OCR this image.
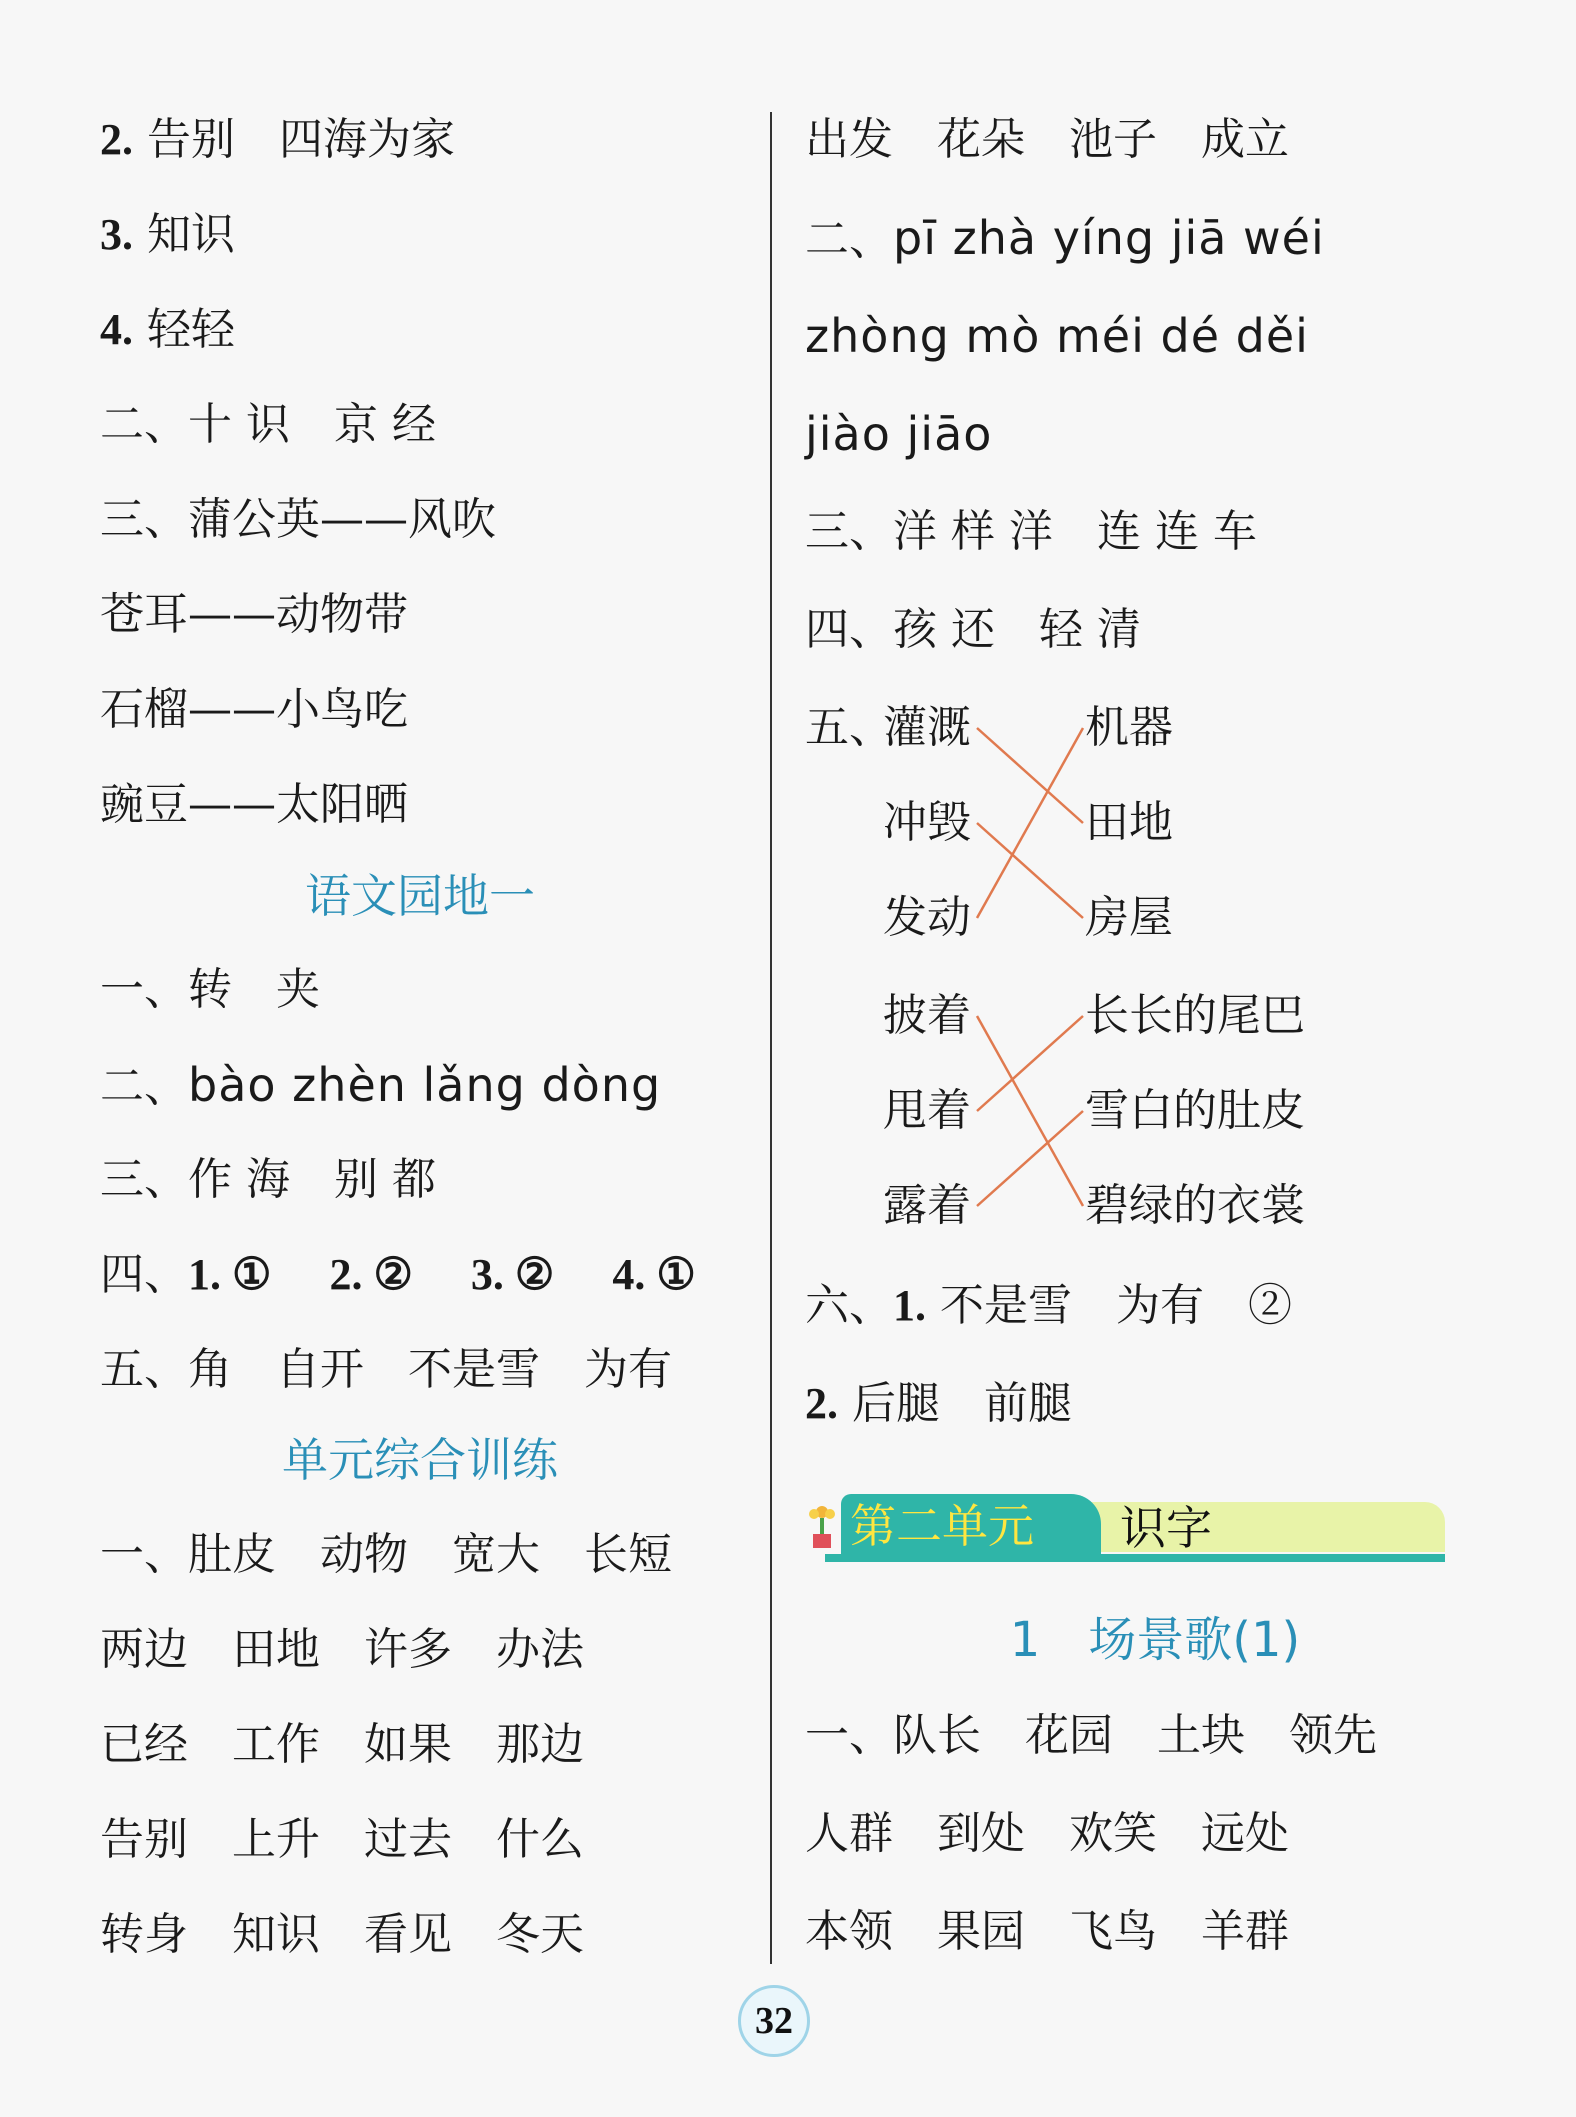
2. 告别　四海为家
3. 知识
4. 轻轻
二、十 识　京 经
三、蒲公英——风吹
苍耳——动物带
石榴——小鸟吃
豌豆——太阳晒
语文园地一
一、转　夹
二、bào zhèn lǎng dòng
三、作 海　别 都
四、1. ① 2. ② 3. ② 4. ①
五、角　自开　不是雪　为有
单元综合训练
一、肚皮　动物　宽大　长短
两边　田地　许多　办法
已经　工作　如果　那边
告别　上升　过去　什么
转身　知识　看见　冬天
出发　花朵　池子　成立
二、pī zhà yíng jiā wéi
zhòng mò méi dé děi
jiào jiāo
三、洋 样 洋　连 连 车
四、孩 还　轻 清
五、
灌溉
冲毁
发动
机器
田地
房屋
披着
甩着
露着
长长的尾巴
雪白的肚皮
碧绿的衣裳
六、1. 不是雪　为有　②
2. 后腿　前腿
第二单元 识字
1　场景歌(1)
一、队长　花园　土块　领先
人群　到处　欢笑　远处
本领　果园　飞鸟　羊群
32
